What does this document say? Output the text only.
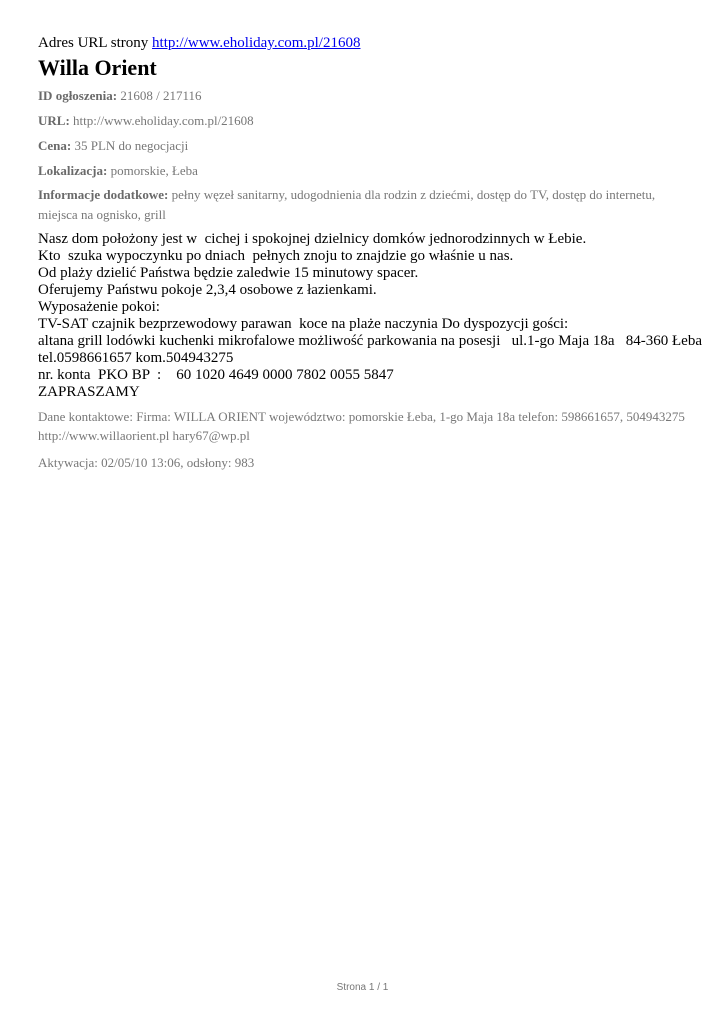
Adres URL strony http://www.eholiday.com.pl/21608
Willa Orient
ID ogłoszenia: 21608 / 217116
URL: http://www.eholiday.com.pl/21608
Cena: 35 PLN do negocjacji
Lokalizacja: pomorskie, Łeba
Informacje dodatkowe: pełny węzeł sanitarny, udogodnienia dla rodzin z dziećmi, dostęp do TV, dostęp do internetu, miejsca na ognisko, grill
Nasz dom położony jest w  cichej i spokojnej dzielnicy domków jednorodzinnych w Łebie.
Kto  szuka wypoczynku po dniach  pełnych znoju to znajdzie go właśnie u nas.
Od plaży dzielić Państwa będzie zaledwie 15 minutowy spacer.
Oferujemy Państwu pokoje 2,3,4 osobowe z łazienkami.
Wyposażenie pokoi:
TV-SAT czajnik bezprzewodowy parawan  koce na plaże naczynia Do dyspozycji gości:
altana grill lodówki kuchenki mikrofalowe możliwość parkowania na posesji   ul.1-go Maja 18a   84-360 Łeba
tel.0598661657 kom.504943275
nr. konta  PKO BP  :    60 1020 4649 0000 7802 0055 5847
ZAPRASZAMY
Dane kontaktowe: Firma: WILLA ORIENT województwo: pomorskie Łeba, 1-go Maja 18a telefon: 598661657, 504943275 http://www.willaorient.pl hary67@wp.pl
Aktywacja: 02/05/10 13:06, odsłony: 983
Strona 1 / 1
